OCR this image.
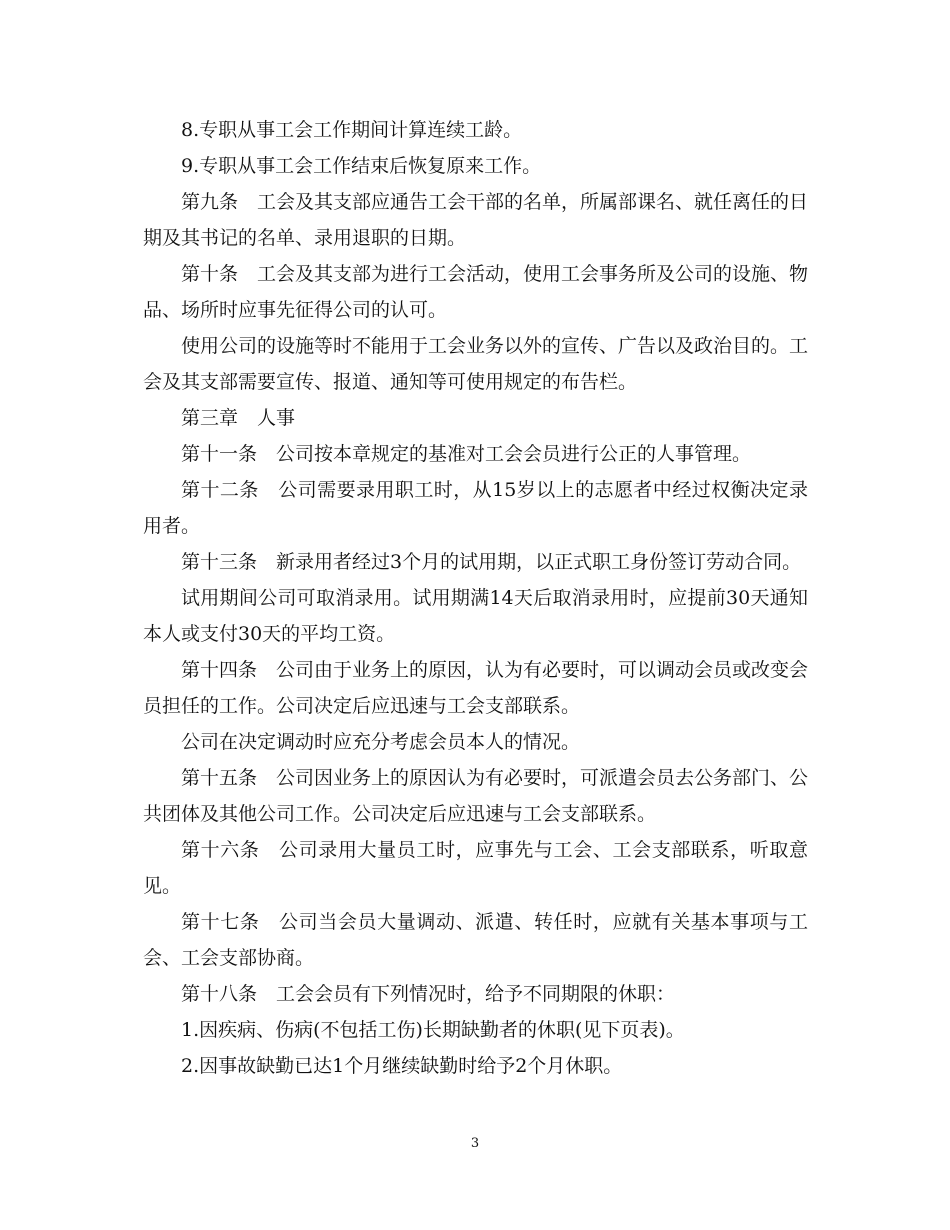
8.专职从事工会工作期间计算连续工龄。

9.专职从事工会工作结束后恢复原来工作。

第九条　工会及其支部应通告工会干部的名单，所属部课名、就任离任的日期及其书记的名单、录用退职的日期。

第十条　工会及其支部为进行工会活动，使用工会事务所及公司的设施、物品、场所时应事先征得公司的认可。

使用公司的设施等时不能用于工会业务以外的宣传、广告以及政治目的。工会及其支部需要宣传、报道、通知等可使用规定的布告栏。

第三章　人事

第十一条　公司按本章规定的基准对工会会员进行公正的人事管理。

第十二条　公司需要录用职工时，从15岁以上的志愿者中经过权衡决定录用者。

第十三条　新录用者经过3个月的试用期，以正式职工身份签订劳动合同。

试用期间公司可取消录用。试用期满14天后取消录用时，应提前30天通知本人或支付30天的平均工资。

第十四条　公司由于业务上的原因，认为有必要时，可以调动会员或改变会员担任的工作。公司决定后应迅速与工会支部联系。

公司在决定调动时应充分考虑会员本人的情况。

第十五条　公司因业务上的原因认为有必要时，可派遣会员去公务部门、公共团体及其他公司工作。公司决定后应迅速与工会支部联系。

第十六条　公司录用大量员工时，应事先与工会、工会支部联系，听取意见。

第十七条　公司当会员大量调动、派遣、转任时，应就有关基本事项与工会、工会支部协商。

第十八条　工会会员有下列情况时，给予不同期限的休职：

1.因疾病、伤病(不包括工伤)长期缺勤者的休职(见下页表)。

2.因事故缺勤已达1个月继续缺勤时给予2个月休职。

3
